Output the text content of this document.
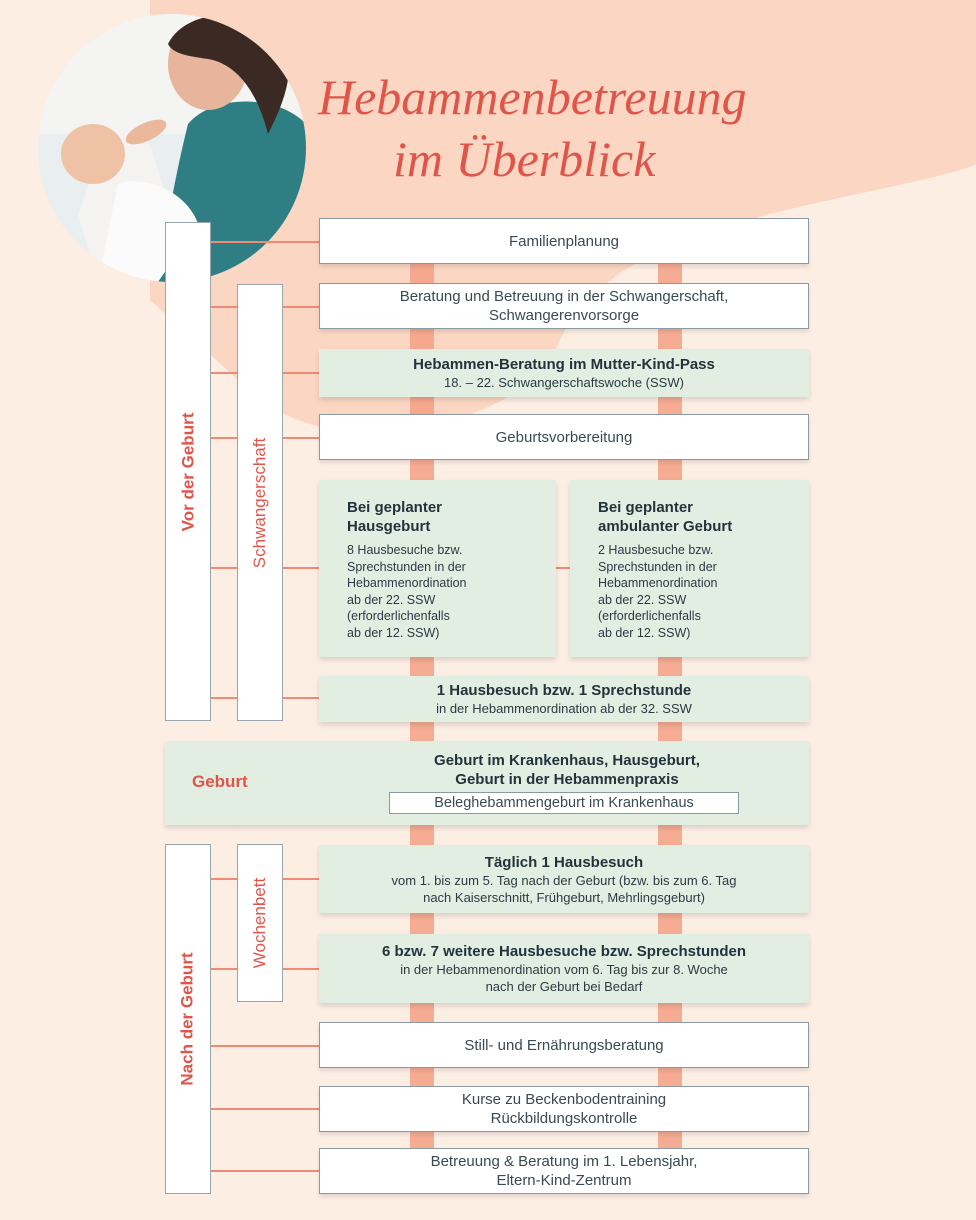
Hebammenbetreuung
im Überblick
Vor der Geburt	Schwangerschaft
Nach der Geburt
Wochenbett
Familienplanung
Beratung und Betreuung in der Schwangerschaft,
Schwangerenvorsorge
Hebammen-Beratung im Mutter-Kind-Pass
18. – 22. Schwangerschaftswoche (SSW)
Geburtsvorbereitung
Bei geplanter
Hausgeburt
8 Hausbesuche bzw.
Sprechstunden in der
Hebammenordination
ab der 22. SSW
(erforderlichenfalls
ab der 12. SSW)
Bei geplanter
ambulanter Geburt
2 Hausbesuche bzw.
Sprechstunden in der
Hebammenordination
ab der 22. SSW
(erforderlichenfalls
ab der 12. SSW)
1 Hausbesuch bzw. 1 Sprechstunde
in der Hebammenordination ab der 32. SSW
Geburt im Krankenhaus, Hausgeburt,
Geburt in der Hebammenpraxis
Geburt
Beleghebammengeburt im Krankenhaus
Täglich 1 Hausbesuch
vom 1. bis zum 5. Tag nach der Geburt (bzw. bis zum 6. Tag
nach Kaiserschnitt, Frühgeburt, Mehrlingsgeburt)
6 bzw. 7 weitere Hausbesuche bzw. Sprechstunden
in der Hebammenordination vom 6. Tag bis zur 8. Woche
nach der Geburt bei Bedarf
Still- und Ernährungsberatung
Kurse zu Beckenbodentraining
Rückbildungskontrolle
Betreuung & Beratung im 1. Lebensjahr,
Eltern-Kind-Zentrum
